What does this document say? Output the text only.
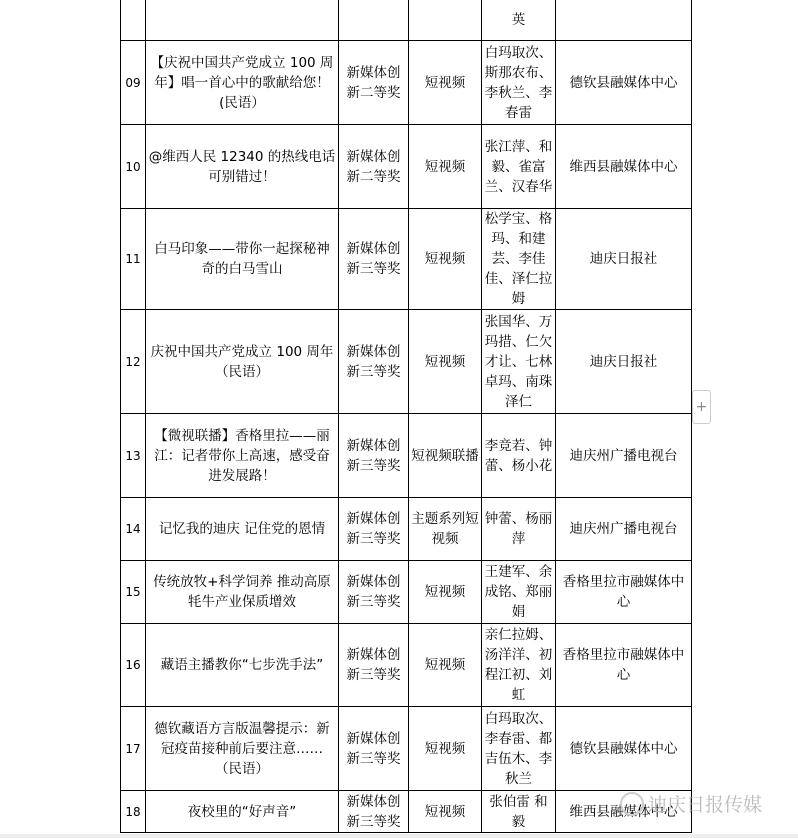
				英	
09	【庆祝中国共产党成立 100 周年】唱一首心中的歌献给您！(民语）	新媒体创新二等奖	短视频	白玛取次、斯那农布、李秋兰、李春雷	德钦县融媒体中心
10	@维西人民 12340 的热线电话可别错过！	新媒体创新二等奖	短视频	张江萍、和毅、雀富兰、汉春华	维西县融媒体中心
11	白马印象——带你一起探秘神奇的白马雪山	新媒体创新三等奖	短视频	松学宝、格玛、和建芸、李佳佳、泽仁拉姆	迪庆日报社
12	庆祝中国共产党成立 100 周年（民语）	新媒体创新三等奖	短视频	张国华、万玛措、仁欠才让、七林卓玛、南珠泽仁	迪庆日报社
13	【微视联播】香格里拉——丽江：记者带你上高速，感受奋进发展路！	新媒体创新三等奖	短视频联播	李竞若、钟蕾、杨小花	迪庆州广播电视台
14	记忆我的迪庆 记住党的恩情	新媒体创新三等奖	主题系列短视频	钟蕾、杨丽萍	迪庆州广播电视台
15	传统放牧+科学饲养 推动高原牦牛产业保质增效	新媒体创新三等奖	短视频	王建军、余成铭、郑丽娟	香格里拉市融媒体中心
16	藏语主播教你“七步洗手法”	新媒体创新三等奖	短视频	亲仁拉姆、汤洋洋、初程江初、刘虹	香格里拉市融媒体中心
17	德钦藏语方言版温馨提示：新冠疫苗接种前后要注意……（民语）	新媒体创新三等奖	短视频	白玛取次、李春雷、都吉伍木、李秋兰	德钦县融媒体中心
18	夜校里的“好声音”	新媒体创新三等奖	短视频	张伯雷 和 毅	维西县融媒体中心
+
迪庆日报传媒
